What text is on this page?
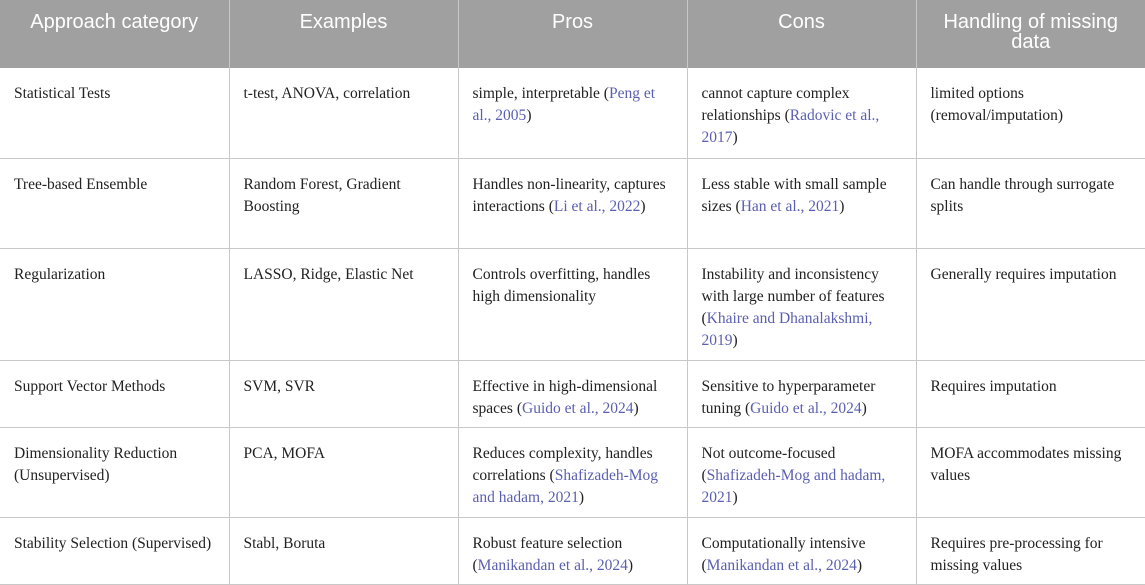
Approach category	Examples	Pros	Cons	Handling of missing data
Statistical Tests	t-test, ANOVA, correlation	simple, interpretable (Peng et al., 2005)	cannot capture complex relationships (Radovic et al., 2017)	limited options (removal/imputation)
Tree-based Ensemble	Random Forest, Gradient Boosting	Handles non-linearity, captures interactions (Li et al., 2022)	Less stable with small sample sizes (Han et al., 2021)	Can handle through surrogate splits
Regularization	LASSO, Ridge, Elastic Net	Controls overfitting, handles high dimensionality	Instability and inconsistency with large number of features (Khaire and Dhanalakshmi, 2019)	Generally requires imputation
Support Vector Methods	SVM, SVR	Effective in high-dimensional spaces (Guido et al., 2024)	Sensitive to hyperparameter tuning (Guido et al., 2024)	Requires imputation
Dimensionality Reduction (Unsupervised)	PCA, MOFA	Reduces complexity, handles correlations (Shafizadeh-Mog and hadam, 2021)	Not outcome-focused (Shafizadeh-Mog and hadam, 2021)	MOFA accommodates missing values
Stability Selection (Supervised)	Stabl, Boruta	Robust feature selection (Manikandan et al., 2024)	Computationally intensive (Manikandan et al., 2024)	Requires pre-processing for missing values
